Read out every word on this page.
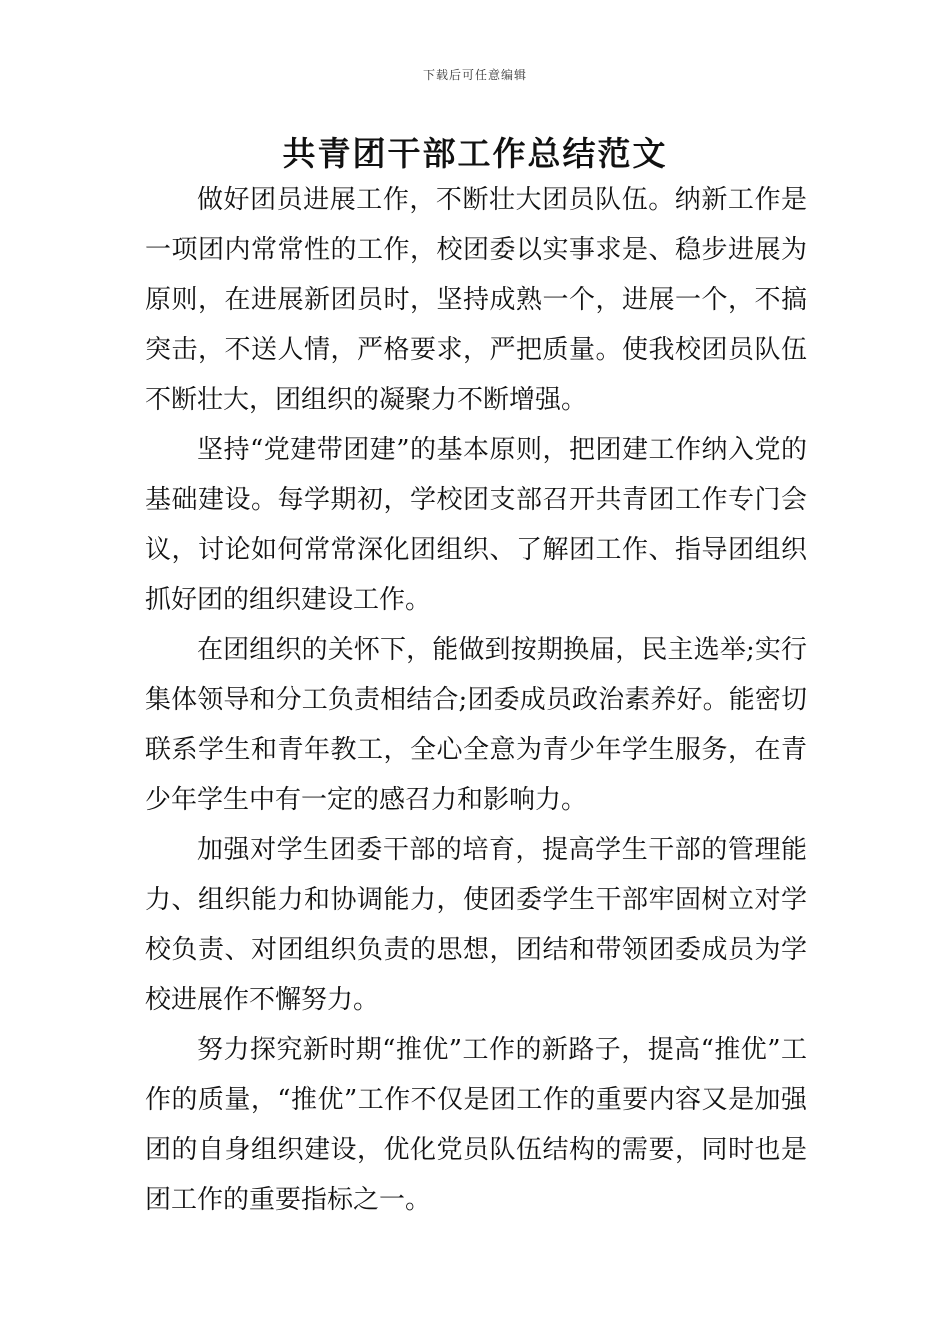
下载后可任意编辑
共青团干部工作总结范文

做好团员进展工作，不断壮大团员队伍。纳新工作是一项团内常常性的工作，校团委以实事求是、稳步进展为原则，在进展新团员时，坚持成熟一个，进展一个，不搞突击，不送人情，严格要求，严把质量。使我校团员队伍不断壮大，团组织的凝聚力不断增强。

坚持“党建带团建”的基本原则，把团建工作纳入党的基础建设。每学期初，学校团支部召开共青团工作专门会议，讨论如何常常深化团组织、了解团工作、指导团组织抓好团的组织建设工作。

在团组织的关怀下，能做到按期换届，民主选举;实行集体领导和分工负责相结合;团委成员政治素养好。能密切联系学生和青年教工，全心全意为青少年学生服务，在青少年学生中有一定的感召力和影响力。

加强对学生团委干部的培育，提高学生干部的管理能力、组织能力和协调能力，使团委学生干部牢固树立对学校负责、对团组织负责的思想，团结和带领团委成员为学校进展作不懈努力。

努力探究新时期“推优”工作的新路子，提高“推优”工作的质量，“推优”工作不仅是团工作的重要内容又是加强团的自身组织建设，优化党员队伍结构的需要，同时也是团工作的重要指标之一。
